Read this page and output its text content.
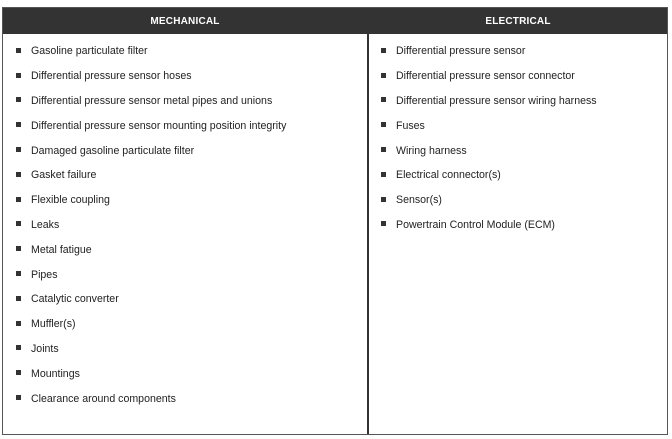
MECHANICAL
Gasoline particulate filter
Differential pressure sensor hoses
Differential pressure sensor metal pipes and unions
Differential pressure sensor mounting position integrity
Damaged gasoline particulate filter
Gasket failure
Flexible coupling
Leaks
Metal fatigue
Pipes
Catalytic converter
Muffler(s)
Joints
Mountings
Clearance around components
ELECTRICAL
Differential pressure sensor
Differential pressure sensor connector
Differential pressure sensor wiring harness
Fuses
Wiring harness
Electrical connector(s)
Sensor(s)
Powertrain Control Module (ECM)
